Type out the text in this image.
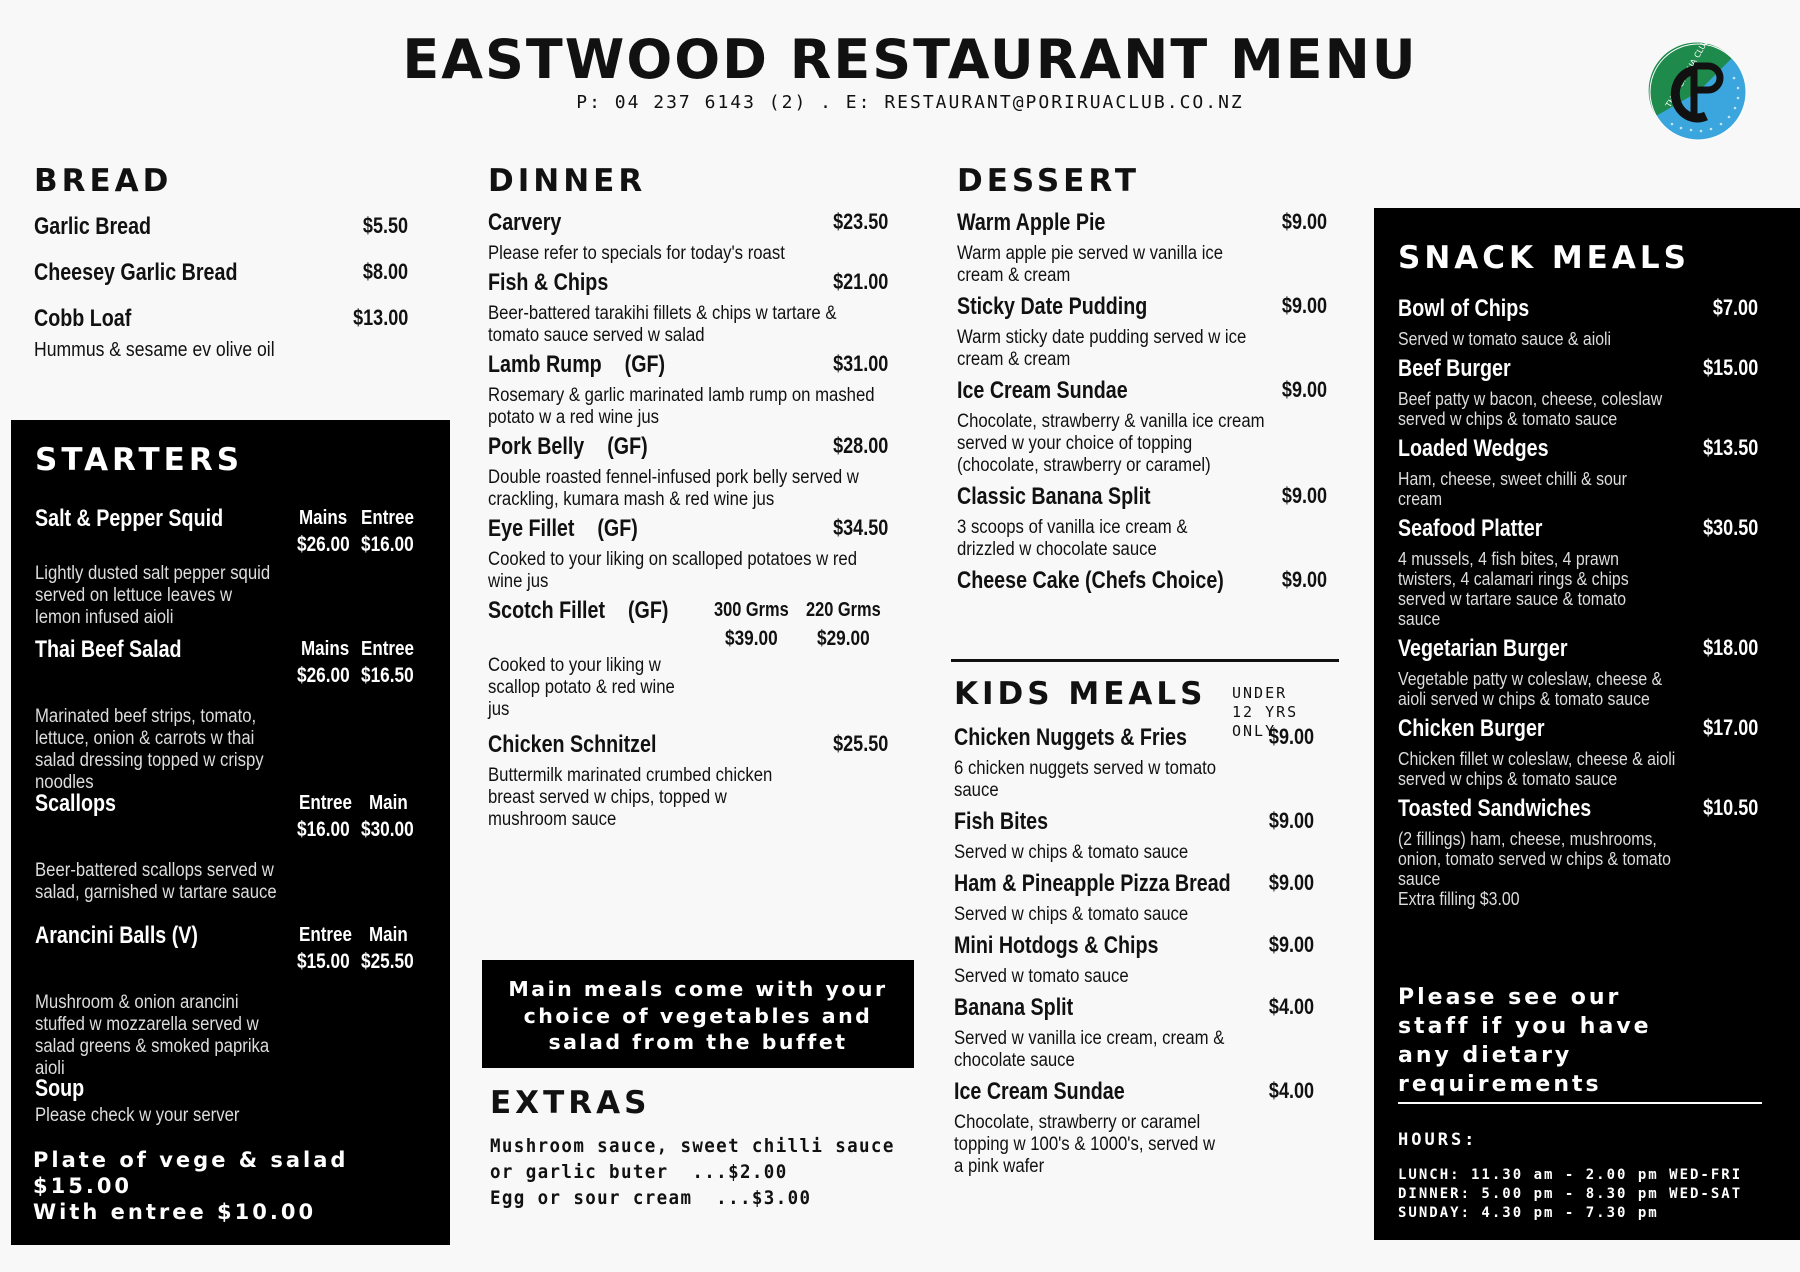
EASTWOOD RESTAURANT MENU
P: 04 237 6143 (2) . E: RESTAURANT@PORIRUACLUB.CO.NZ
BREAD
Garlic Bread	$5.50
Cheesey Garlic Bread	$8.00
Cobb Loaf	$13.00
Hummus & sesame ev olive oil
STARTERS
Salt & Pepper Squid	Mains Entree
$26.00 $16.00
Lightly dusted salt pepper squid served on lettuce leaves w lemon infused aioli
Thai Beef Salad	Mains Entree
$26.00 $16.50
Marinated beef strips, tomato, lettuce, onion & carrots w thai salad dressing topped w crispy noodles
Scallops	Entree Main
$16.00 $30.00
Beer-battered scallops served w salad, garnished w tartare sauce
Arancini Balls (V)	Entree Main
$15.00 $25.50
Mushroom & onion arancini stuffed w mozzarella served w salad greens & smoked paprika aioli
Soup
Please check w your server
Plate of vege & salad $15.00
With entree $10.00
DINNER
Carvery	$23.50
Please refer to specials for today's roast
Fish & Chips	$21.00
Beer-battered tarakihi fillets & chips w tartare & tomato sauce served w salad
Lamb Rump (GF)	$31.00
Rosemary & garlic marinated lamb rump on mashed potato w a red wine jus
Pork Belly (GF)	$28.00
Double roasted fennel-infused pork belly served w crackling, kumara mash & red wine jus
Eye Fillet (GF)	$34.50
Cooked to your liking on scalloped potatoes w red wine jus
Scotch Fillet (GF) 300 Grms 220 Grms
$39.00 $29.00
Cooked to your liking w scallop potato & red wine jus
Chicken Schnitzel	$25.50
Buttermilk marinated crumbed chicken breast served w chips, topped w mushroom sauce
Main meals come with your choice of vegetables and salad from the buffet
EXTRAS
Mushroom sauce, sweet chilli sauce
or garlic buter  ...$2.00
Egg or sour cream  ...$3.00
DESSERT
Warm Apple Pie	$9.00
Warm apple pie served w vanilla ice cream & cream
Sticky Date Pudding	$9.00
Warm sticky date pudding served w ice cream & cream
Ice Cream Sundae	$9.00
Chocolate, strawberry & vanilla ice cream served w your choice of topping (chocolate, strawberry or caramel)
Classic Banana Split	$9.00
3 scoops of vanilla ice cream & drizzled w chocolate sauce
Cheese Cake (Chefs Choice)	$9.00
KIDS MEALS	UNDER
12 YRS ONLY
Chicken Nuggets & Fries	$9.00
6 chicken nuggets served w tomato sauce
Fish Bites	$9.00
Served w chips & tomato sauce
Ham & Pineapple Pizza Bread $9.00
Served w chips & tomato sauce
Mini Hotdogs & Chips	$9.00
Served w tomato sauce
Banana Split	$4.00
Served w vanilla ice cream, cream & chocolate sauce
Ice Cream Sundae	$4.00
Chocolate, strawberry or caramel topping w 100's & 1000's, served w a pink wafer
SNACK MEALS
Bowl of Chips	$7.00
Served w tomato sauce & aioli
Beef Burger	$15.00
Beef patty w bacon, cheese, coleslaw served w chips & tomato sauce
Loaded Wedges	$13.50
Ham, cheese, sweet chilli & sour cream
Seafood Platter	$30.50
4 mussels, 4 fish bites, 4 prawn twisters, 4 calamari rings & chips served w tartare sauce & tomato sauce
Vegetarian Burger	$18.00
Vegetable patty w coleslaw, cheese & aioli served w chips & tomato sauce
Chicken Burger	$17.00
Chicken fillet w coleslaw, cheese & aioli served w chips & tomato sauce
Toasted Sandwiches	$10.50
(2 fillings) ham, cheese, mushrooms, onion, tomato served w chips & tomato sauce
Extra filling $3.00
Please see our staff if you have any dietary requirements
HOURS:
LUNCH: 11.30 am - 2.00 pm WED-FRI
DINNER: 5.00 pm - 8.30 pm WED-SAT
SUNDAY: 4.30 pm - 7.30 pm
